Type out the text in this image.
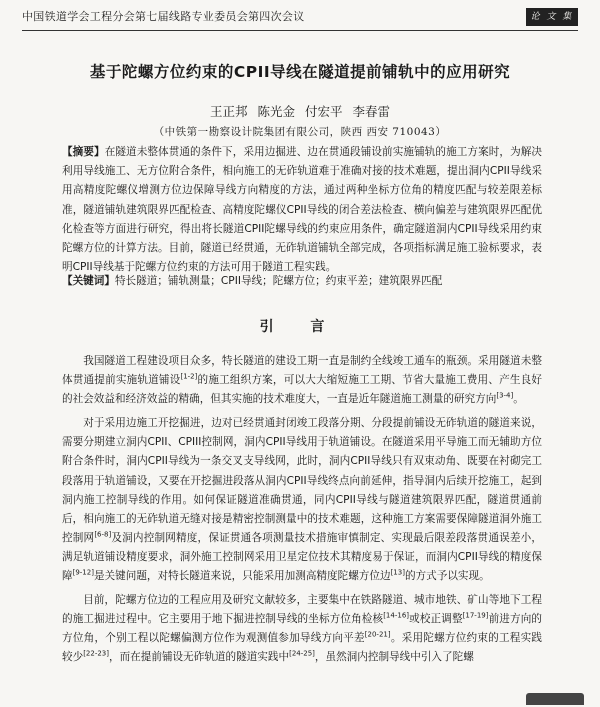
中国铁道学会工程分会第七届线路专业委员会第四次会议	论 文 集
基于陀螺方位约束的CPII导线在隧道提前铺轨中的应用研究
王正邦 陈光金 付宏平 李春雷
（中铁第一勘察设计院集团有限公司，陕西 西安 710043）
【摘要】在隧道未整体贯通的条件下，采用边掘进、边在贯通段铺设前实施铺轨的施工方案时，为解决利用导线施工、无方位附合条件，相向施工的无砟轨道难于准确对接的技术难题，提出洞内CPII导线采用高精度陀螺仪增测方位边保障导线方向精度的方法，通过两种坐标方位角的精度匹配与较差限差标准，隧道铺轨建筑限界匹配检查、高精度陀螺仪CPII导线的闭合差法检查、横向偏差与建筑限界匹配优化检查等方面进行研究，得出将长隧道CPII陀螺导线的约束应用条件，确定隧道洞内CPII导线采用约束陀螺方位的计算方法。目前，隧道已经贯通，无砟轨道铺轨全部完成，各项指标满足施工验标要求，表明CPII导线基于陀螺方位约束的方法可用于隧道工程实践。
【关键词】特长隧道；铺轨测量；CPII导线；陀螺方位；约束平差；建筑限界匹配
引 言

我国隧道工程建设项目众多，特长隧道的建设工期一直是制约全线竣工通车的瓶颈。采用隧道未整体贯通提前实施轨道铺设[1-2]的施工组织方案，可以大大缩短施工工期、节省大量施工费用、产生良好的社会效益和经济效益的精确，但其实施的技术难度大，一直是近年隧道施工测量的研究方向[3-4]。

对于采用边施工开挖掘进，边对已经贯通封闭竣工段落分期、分段提前铺设无砟轨道的隧道来说，需要分期建立洞内CPII、CPIII控制网，洞内CPII导线用于轨道铺设。在隧道采用平导施工而无辅助方位附合条件时，洞内CPII导线为一条交叉支导线网，此时，洞内CPII导线只有双束动角、既要在衬砌完工段落用于轨道铺设，又要在开挖掘进段落从洞内CPII导线终点向前延伸，指导洞内后续开挖施工，起到洞内施工控制导线的作用。如何保证隧道准确贯通，同内CPII导线与隧道建筑限界匹配，隧道贯通前后，相向施工的无砟轨道无缝对接是精密控制测量中的技术难题，这种施工方案需要保障隧道洞外施工控制网[6-8]及洞内控制网精度，保证贯通各项测量技术措施审慎制定、实现最后限差段落贯通误差小，满足轨道铺设精度要求，洞外施工控制网采用卫星定位技术其精度易于保证，而洞内CPII导线的精度保障[9-12]是关键问题，对特长隧道来说，只能采用加测高精度陀螺方位边[13]的方式予以实现。

目前，陀螺方位边的工程应用及研究文献较多，主要集中在铁路隧道、城市地铁、矿山等地下工程的施工掘进过程中。它主要用于地下掘进控制导线的坐标方位角检核[14-16]或校正调整[17-19]前进方向的方位角，个别工程以陀螺偏测方位作为观测值参加导线方向平差[20-21]。采用陀螺方位约束的工程实践较少[22-23]，而在提前铺设无砟轨道的隧道实践中[24-25]，虽然洞内控制导线中引入了陀螺
